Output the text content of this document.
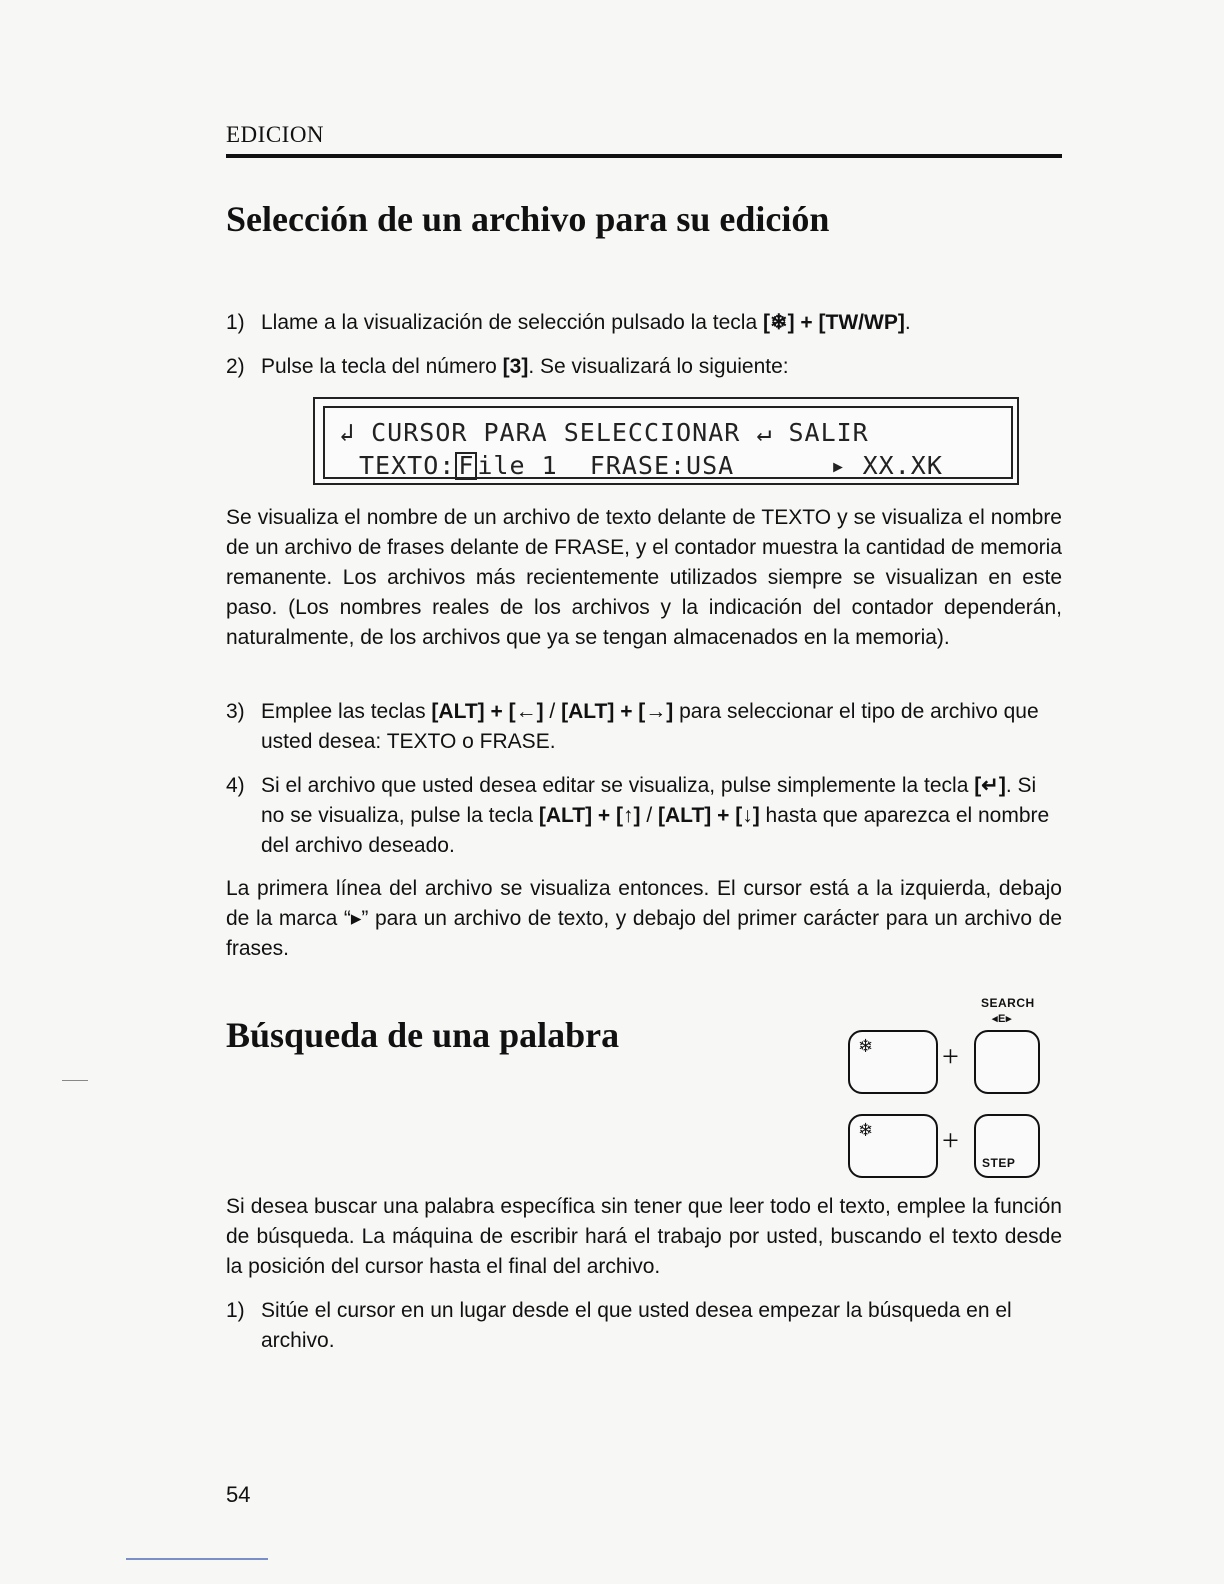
EDICION
Selección de un archivo para su edición
1) Llame a la visualización de selección pulsado la tecla [❄] + [TW/WP].
2) Pulse la tecla del número [3]. Se visualizará lo siguiente:
↲ CURSOR PARA SELECCIONAR ↵ SALIR
TEXTO: F ile 1  FRASE:USA	▸ XX.XK

Se visualiza el nombre de un archivo de texto delante de TEXTO y se visualiza el nombre de un archivo de frases delante de FRASE, y el contador muestra la cantidad de memoria remanente. Los archivos más recientemente utilizados siempre se visualizan en este paso. (Los nombres reales de los archivos y la indicación del contador dependerán, naturalmente, de los archivos que ya se tengan almacenados en la memoria).

3) Emplee las teclas [ALT] + [←] / [ALT] + [→] para seleccionar el tipo de archivo que usted desea: TEXTO o FRASE.
4) Si el archivo que usted desea editar se visualiza, pulse simplemente la tecla [↵]. Si no se visualiza, pulse la tecla [ALT] + [↑] / [ALT] + [↓] hasta que aparezca el nombre del archivo deseado.

La primera línea del archivo se visualiza entonces. El cursor está a la izquierda, debajo de la marca “▸” para un archivo de texto, y debajo del primer carácter para un archivo de frases.

Búsqueda de una palabra
SEARCH
◂E▸
❄ +
❄ +
STEP

Si desea buscar una palabra específica sin tener que leer todo el texto, emplee la función de búsqueda. La máquina de escribir hará el trabajo por usted, buscando el texto desde la posición del cursor hasta el final del archivo.

1) Sitúe el cursor en un lugar desde el que usted desea empezar la búsqueda en el archivo.
54
